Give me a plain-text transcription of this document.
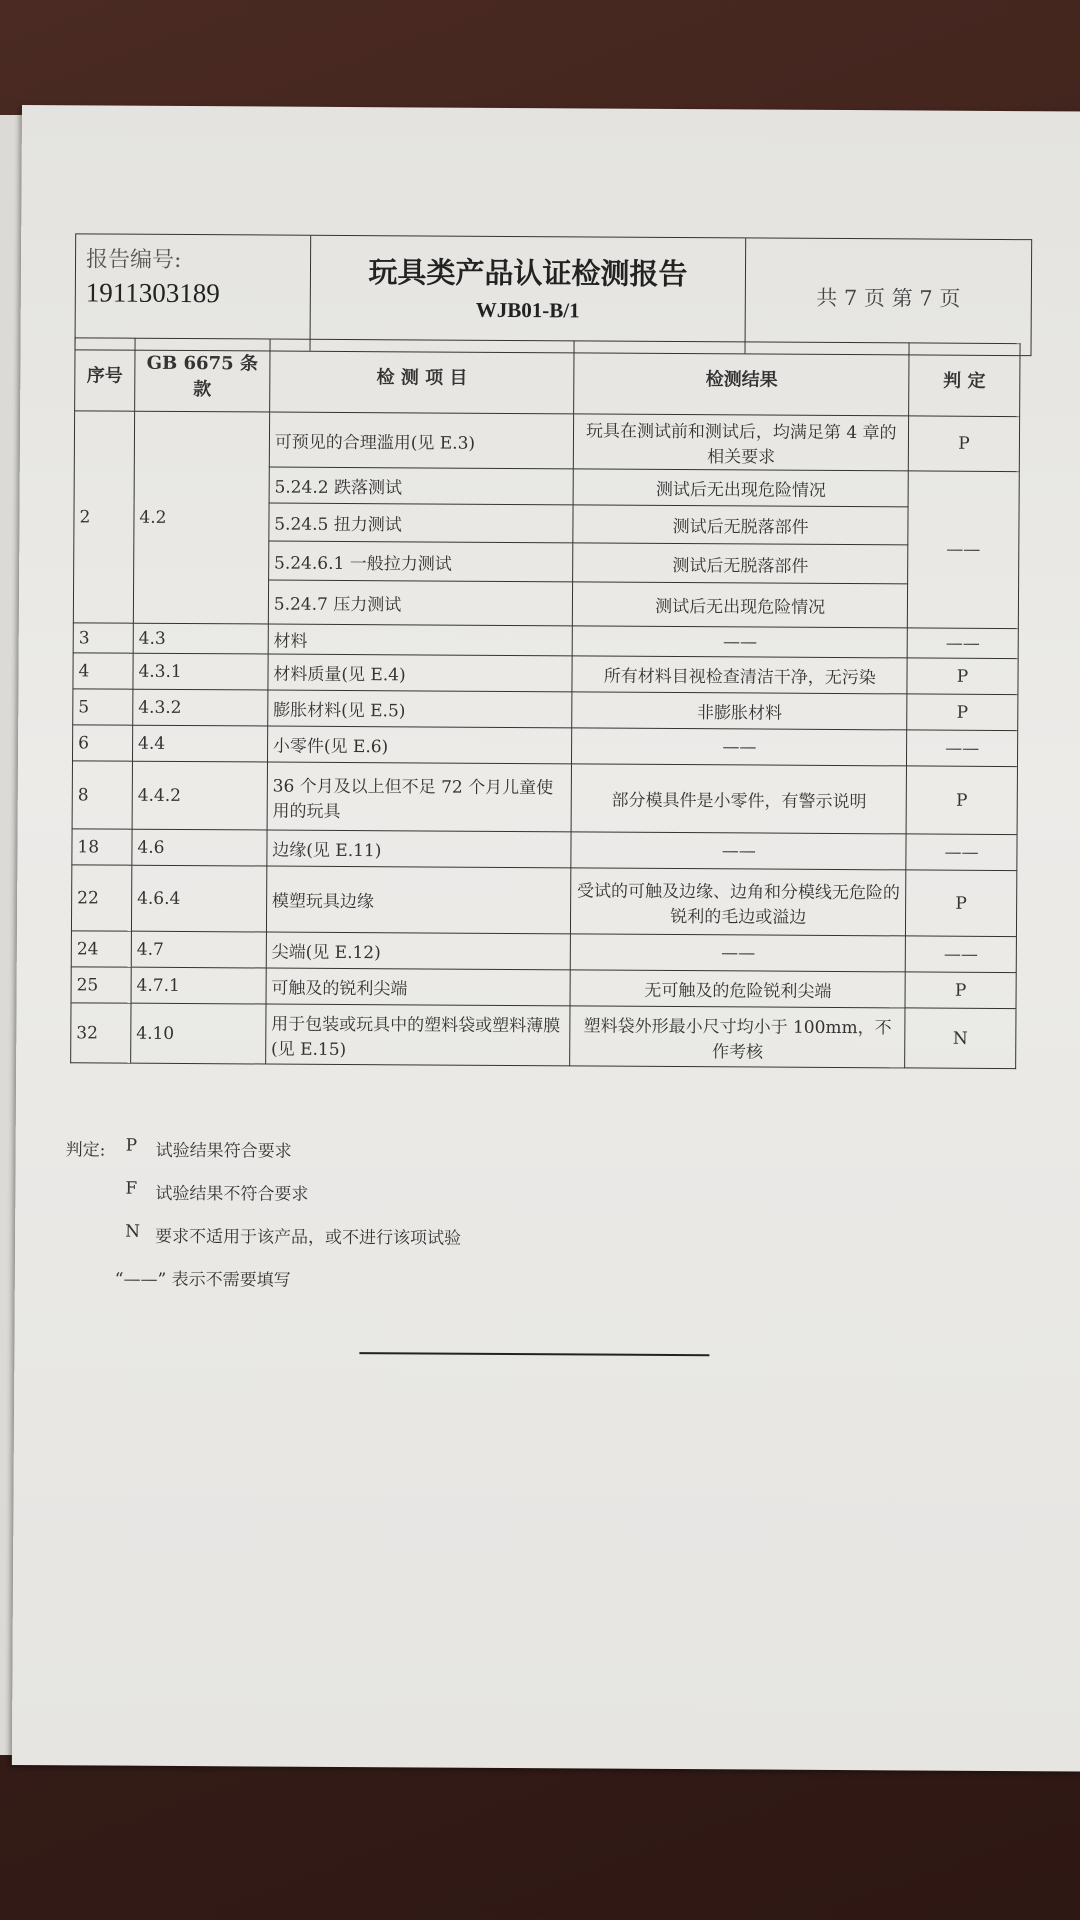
报告编号:
1911303189
玩具类产品认证检测报告
WJB01-B/1	共 7 页 第 7 页
序号	GB 6675 条款	检 测 项 目	检测结果	判 定
2	4.2	可预见的合理滥用(见 E.3)	玩具在测试前和测试后，均满足第 4 章的相关要求	P
		5.24.2 跌落测试	测试后无出现危险情况	——
		5.24.5 扭力测试	测试后无脱落部件	
		5.24.6.1 一般拉力测试	测试后无脱落部件	
		5.24.7 压力测试	测试后无出现危险情况	
3	4.3	材料	——	——
4	4.3.1	材料质量(见 E.4)	所有材料目视检查清洁干净，无污染	P
5	4.3.2	膨胀材料(见 E.5)	非膨胀材料	P
6	4.4	小零件(见 E.6)	——	——
8	4.4.2	36 个月及以上但不足 72 个月儿童使用的玩具	部分模具件是小零件，有警示说明	P
18	4.6	边缘(见 E.11)	——	——
22	4.6.4	模塑玩具边缘	受试的可触及边缘、边角和分模线无危险的锐利的毛边或溢边	P
24	4.7	尖端(见 E.12)	——	——
25	4.7.1	可触及的锐利尖端	无可触及的危险锐利尖端	P
32	4.10	用于包装或玩具中的塑料袋或塑料薄膜(见 E.15)	塑料袋外形最小尺寸均小于 100mm，不作考核	N
判定:	P	试验结果符合要求
F	试验结果不符合要求
N 要求不适用于该产品，或不进行该项试验
“——” 表示不需要填写
